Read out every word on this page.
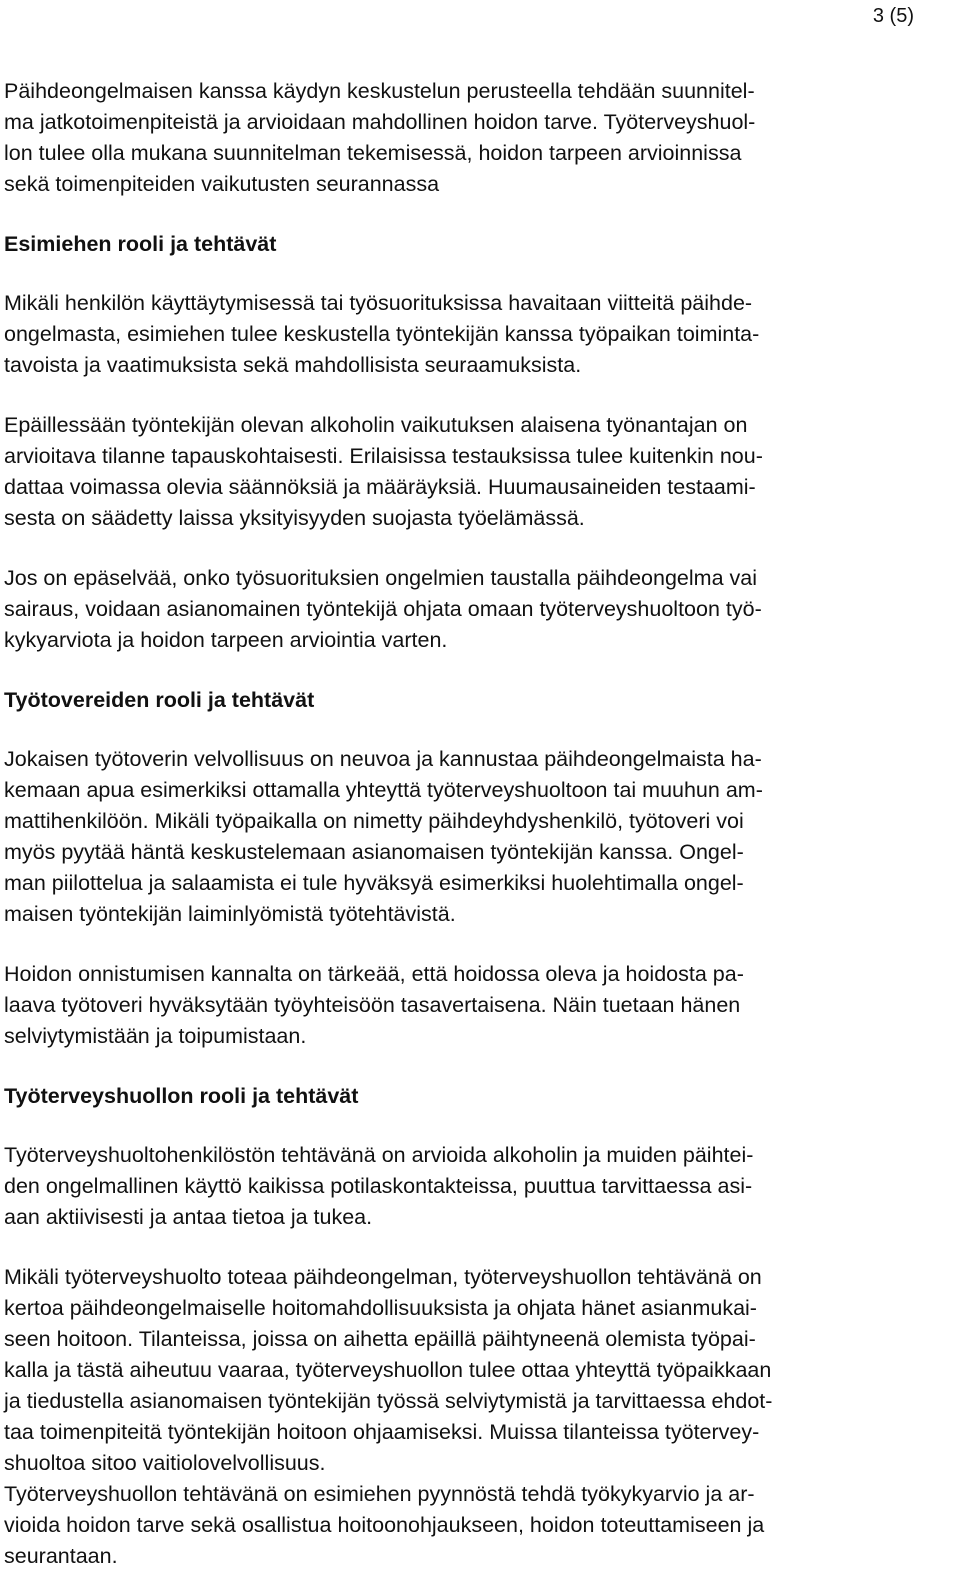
3 (5)

Päihdeongelmaisen kanssa käydyn keskustelun perusteella tehdään suunnitel-

ma jatkotoimenpiteistä ja arvioidaan mahdollinen hoidon tarve. Työterveyshuol-

lon tulee olla mukana suunnitelman tekemisessä, hoidon tarpeen arvioinnissa

sekä toimenpiteiden vaikutusten seurannassa

Esimiehen rooli ja tehtävät

Mikäli henkilön käyttäytymisessä tai työsuorituksissa havaitaan viitteitä päihde-

ongelmasta, esimiehen tulee keskustella työntekijän kanssa työpaikan toiminta-

tavoista ja vaatimuksista sekä mahdollisista seuraamuksista.

Epäillessään työntekijän olevan alkoholin vaikutuksen alaisena työnantajan on

arvioitava tilanne tapauskohtaisesti. Erilaisissa testauksissa tulee kuitenkin nou-

dattaa voimassa olevia säännöksiä ja määräyksiä. Huumausaineiden testaami-

sesta on säädetty laissa yksityisyyden suojasta työelämässä.

Jos on epäselvää, onko työsuorituksien ongelmien taustalla päihdeongelma vai

sairaus, voidaan asianomainen työntekijä ohjata omaan työterveyshuoltoon työ-

kykyarviota ja hoidon tarpeen arviointia varten.

Työtovereiden rooli ja tehtävät

Jokaisen työtoverin velvollisuus on neuvoa ja kannustaa päihdeongelmaista ha-

kemaan apua esimerkiksi ottamalla yhteyttä työterveyshuoltoon tai muuhun am-

mattihenkilöön. Mikäli työpaikalla on nimetty päihdeyhdyshenkilö, työtoveri voi

myös pyytää häntä keskustelemaan asianomaisen työntekijän kanssa. Ongel-

man piilottelua ja salaamista ei tule hyväksyä esimerkiksi huolehtimalla ongel-

maisen työntekijän laiminlyömistä työtehtävistä.

Hoidon onnistumisen kannalta on tärkeää, että hoidossa oleva ja hoidosta pa-

laava työtoveri hyväksytään työyhteisöön tasavertaisena. Näin tuetaan hänen

selviytymistään ja toipumistaan.

Työterveyshuollon rooli ja tehtävät

Työterveyshuoltohenkilöstön tehtävänä on arvioida alkoholin ja muiden päihtei-

den ongelmallinen käyttö kaikissa potilaskontakteissa, puuttua tarvittaessa asi-

aan aktiivisesti ja antaa tietoa ja tukea.

Mikäli työterveyshuolto toteaa päihdeongelman, työterveyshuollon tehtävänä on

kertoa päihdeongelmaiselle hoitomahdollisuuksista ja ohjata hänet asianmukai-

seen hoitoon. Tilanteissa, joissa on aihetta epäillä päihtyneenä olemista työpai-

kalla ja tästä aiheutuu vaaraa, työterveyshuollon tulee ottaa yhteyttä työpaikkaan

ja tiedustella asianomaisen työntekijän työssä selviytymistä ja tarvittaessa ehdot-

taa toimenpiteitä työntekijän hoitoon ohjaamiseksi. Muissa tilanteissa työtervey-

shuoltoa sitoo vaitiolovelvollisuus.

Työterveyshuollon tehtävänä on esimiehen pyynnöstä tehdä työkykyarvio ja ar-

vioida hoidon tarve sekä osallistua hoitoonohjaukseen, hoidon toteuttamiseen ja

seurantaan.
